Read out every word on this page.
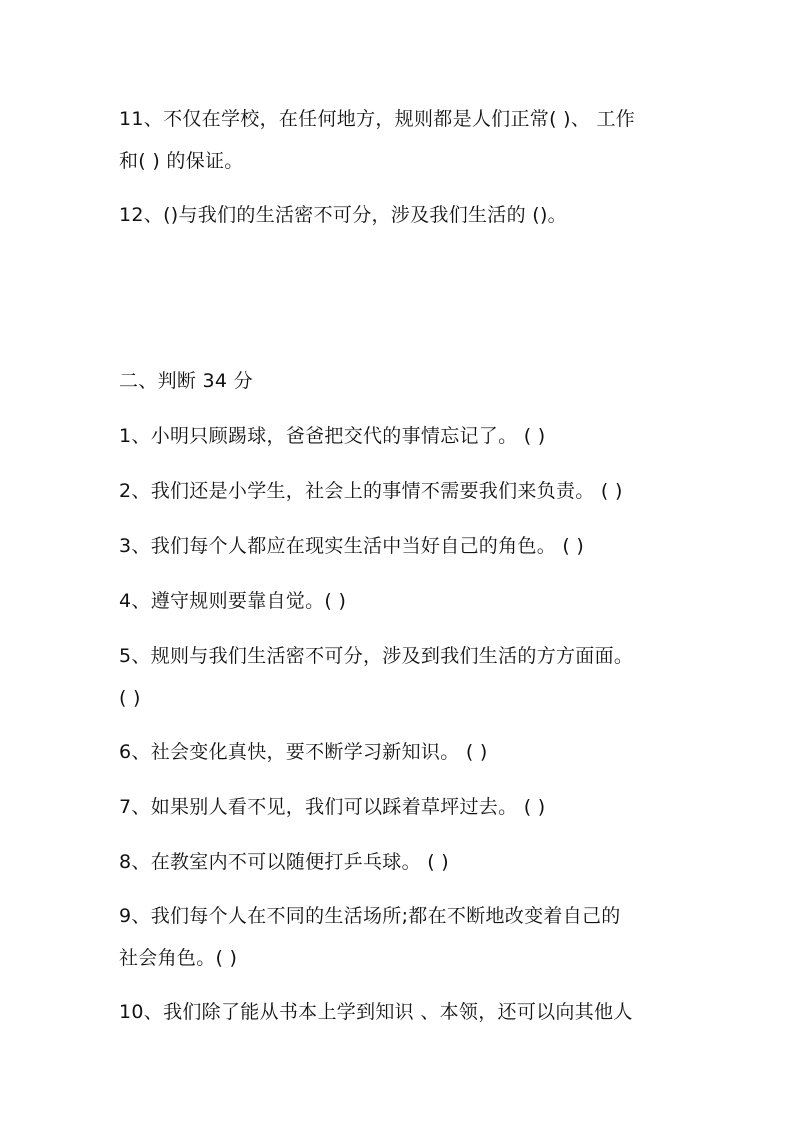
11、不仅在学校，在任何地方，规则都是人们正常( )、 工作
和( ) 的保证。
12、()与我们的生活密不可分，涉及我们生活的 ()。
二、判断 34 分
1、小明只顾踢球，爸爸把交代的事情忘记了。 ( )
2、我们还是小学生，社会上的事情不需要我们来负责。 ( )
3、我们每个人都应在现实生活中当好自己的角色。 ( )
4、遵守规则要靠自觉。( )
5、规则与我们生活密不可分，涉及到我们生活的方方面面。
( )
6、社会变化真快，要不断学习新知识。 ( )
7、如果别人看不见，我们可以踩着草坪过去。 ( )
8、在教室内不可以随便打乒乓球。 ( )
9、我们每个人在不同的生活场所;都在不断地改变着自己的
社会角色。( )
10、我们除了能从书本上学到知识 、本领，还可以向其他人
